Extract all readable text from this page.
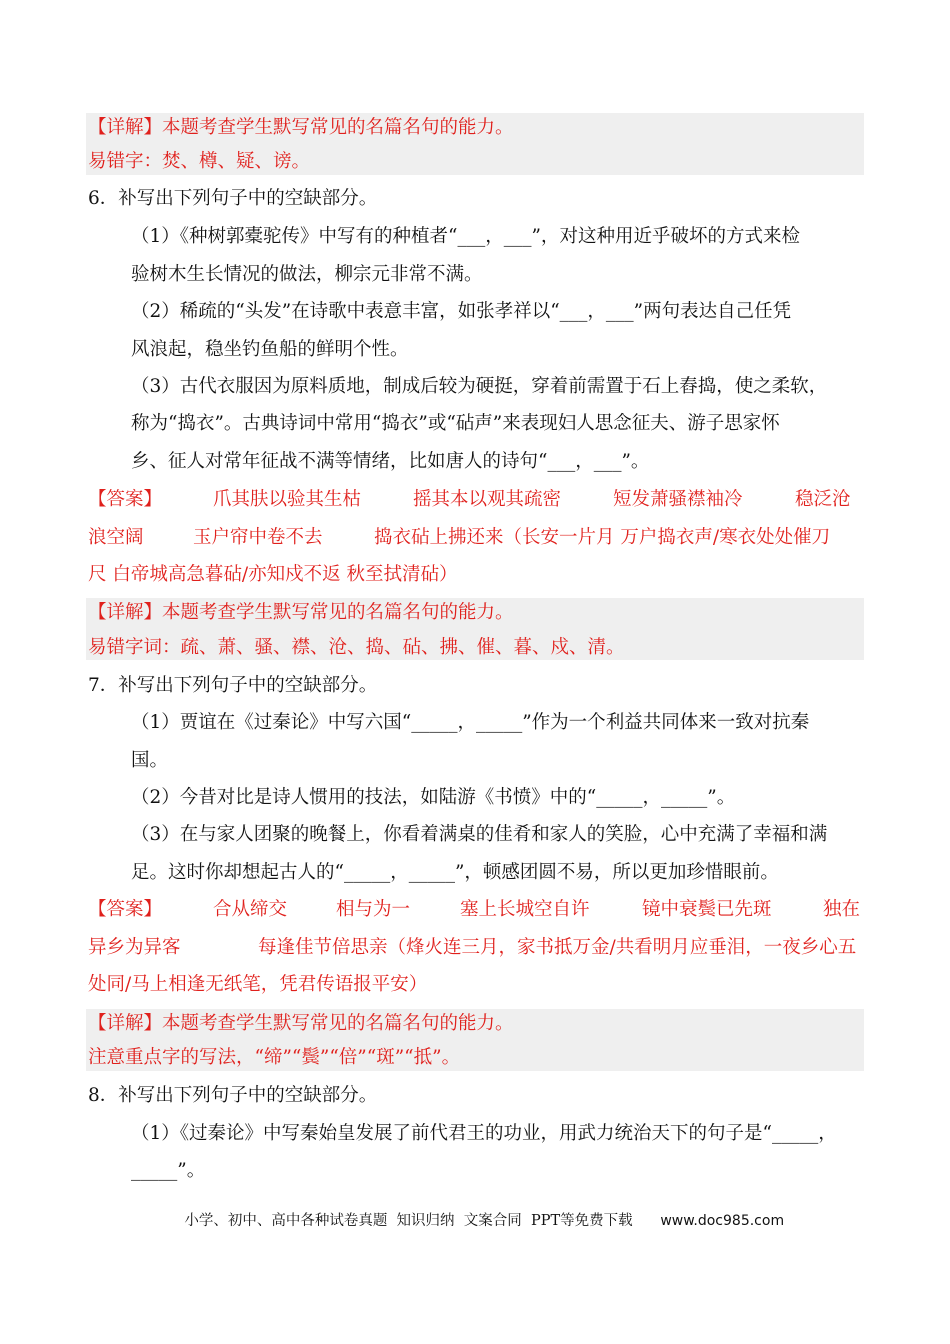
【详解】本题考查学生默写常见的名篇名句的能力。
易错字：焚、樽、疑、谤。
6．补写出下列句子中的空缺部分。
（1）《种树郭橐驼传》中写有的种植者“___，___”，对这种用近乎破坏的方式来检
验树木生长情况的做法，柳宗元非常不满。
（2）稀疏的“头发”在诗歌中表意丰富，如张孝祥以“___，___”两句表达自己任凭
风浪起，稳坐钓鱼船的鲜明个性。
（3）古代衣服因为原料质地，制成后较为硬挺，穿着前需置于石上舂捣，使之柔软，
称为“捣衣”。古典诗词中常用“捣衣”或“砧声”来表现妇人思念征夫、游子思家怀
乡、征人对常年征战不满等情绪，比如唐人的诗句“___，___”。
【答案】	爪其肤以验其生枯	摇其本以观其疏密	短发萧骚襟袖冷	稳泛沧
浪空阔	玉户帘中卷不去	捣衣砧上拂还来（长安一片月 万户捣衣声/寒衣处处催刀
尺 白帝城高急暮砧/亦知戍不返 秋至拭清砧）
【详解】本题考查学生默写常见的名篇名句的能力。
易错字词：疏、萧、骚、襟、沧、捣、砧、拂、催、暮、戍、清。
7．补写出下列句子中的空缺部分。
（1）贾谊在《过秦论》中写六国“_____，_____”作为一个利益共同体来一致对抗秦
国。
（2）今昔对比是诗人惯用的技法，如陆游《书愤》中的“_____，_____”。
（3）在与家人团聚的晚餐上，你看着满桌的佳肴和家人的笑脸，心中充满了幸福和满
足。这时你却想起古人的“_____，_____”，顿感团圆不易，所以更加珍惜眼前。
【答案】	合从缔交	相与为一	塞上长城空自许	镜中衰鬓已先斑	独在
异乡为异客	每逢佳节倍思亲（烽火连三月，家书抵万金/共看明月应垂泪，一夜乡心五
处同/马上相逢无纸笔，凭君传语报平安）
【详解】本题考查学生默写常见的名篇名句的能力。
注意重点字的写法，“缔”“鬓”“倍”“斑”“抵”。
8．补写出下列句子中的空缺部分。
（1）《过秦论》中写秦始皇发展了前代君王的功业，用武力统治天下的句子是“_____，
_____”。

小学、初中、高中各种试卷真题  知识归纳  文案合同  PPT等免费下载 www.doc985.com
